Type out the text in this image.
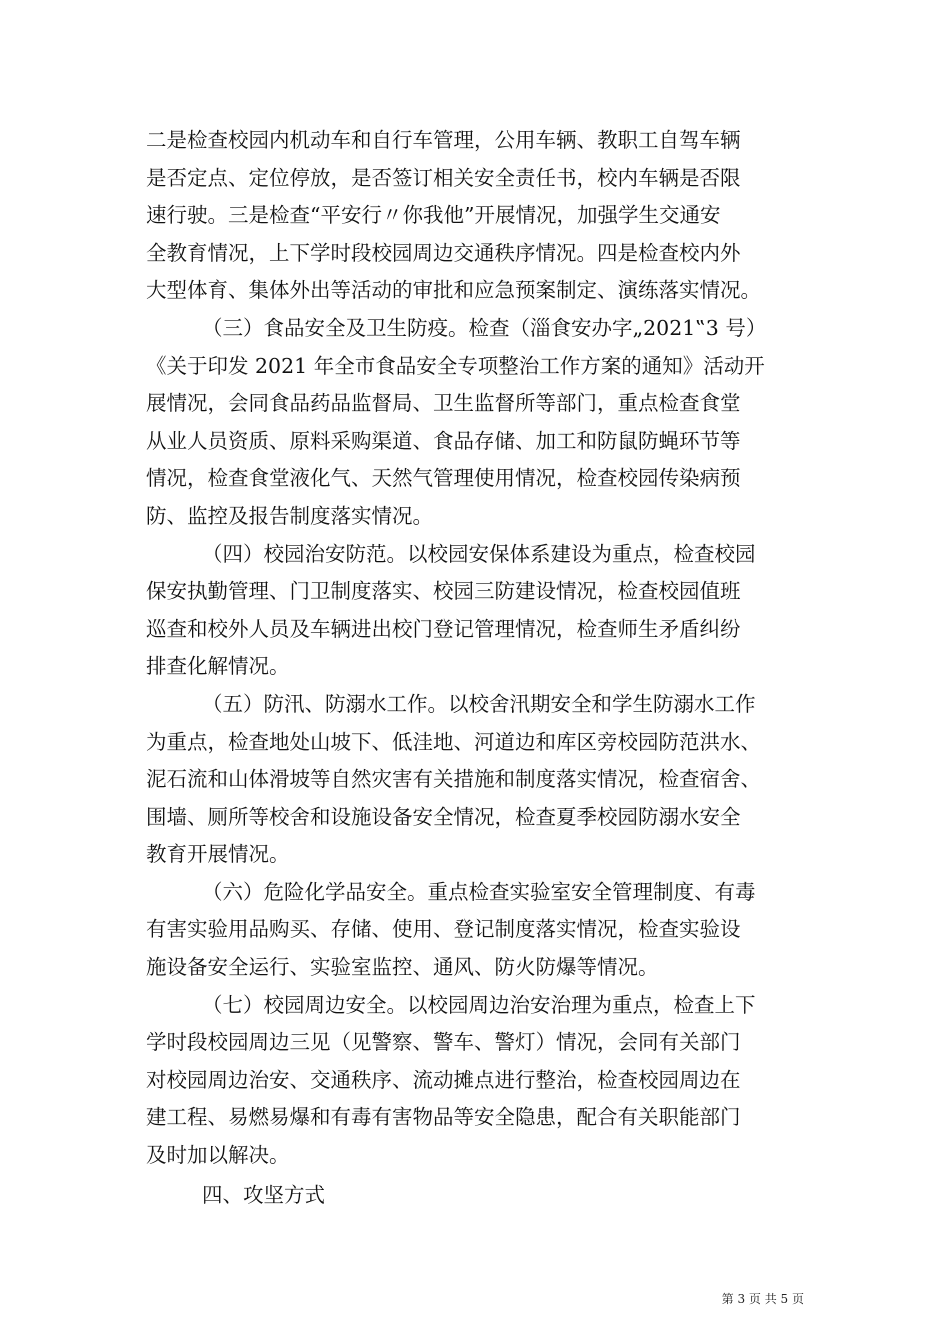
二是检查校园内机动车和自行车管理，公用车辆、教职工自驾车辆
是否定点、定位停放，是否签订相关安全责任书，校内车辆是否限
速行驶。三是检查“平安行〃你我他”开展情况，加强学生交通安
全教育情况，上下学时段校园周边交通秩序情况。四是检查校内外
大型体育、集体外出等活动的审批和应急预案制定、演练落实情况。
（三）食品安全及卫生防疫。检查（淄食安办字„2021‟3 号）
《关于印发 2021 年全市食品安全专项整治工作方案的通知》活动开
展情况，会同食品药品监督局、卫生监督所等部门，重点检查食堂
从业人员资质、原料采购渠道、食品存储、加工和防鼠防蝇环节等
情况，检查食堂液化气、天然气管理使用情况，检查校园传染病预
防、监控及报告制度落实情况。
（四）校园治安防范。以校园安保体系建设为重点，检查校园
保安执勤管理、门卫制度落实、校园三防建设情况，检查校园值班
巡查和校外人员及车辆进出校门登记管理情况，检查师生矛盾纠纷
排查化解情况。
（五）防汛、防溺水工作。以校舍汛期安全和学生防溺水工作
为重点，检查地处山坡下、低洼地、河道边和库区旁校园防范洪水、
泥石流和山体滑坡等自然灾害有关措施和制度落实情况，检查宿舍、
围墙、厕所等校舍和设施设备安全情况，检查夏季校园防溺水安全
教育开展情况。
（六）危险化学品安全。重点检查实验室安全管理制度、有毒
有害实验用品购买、存储、使用、登记制度落实情况，检查实验设
施设备安全运行、实验室监控、通风、防火防爆等情况。
（七）校园周边安全。以校园周边治安治理为重点，检查上下
学时段校园周边三见（见警察、警车、警灯）情况，会同有关部门
对校园周边治安、交通秩序、流动摊点进行整治，检查校园周边在
建工程、易燃易爆和有毒有害物品等安全隐患，配合有关职能部门
及时加以解决。
四、攻坚方式
第 3 页 共 5 页
